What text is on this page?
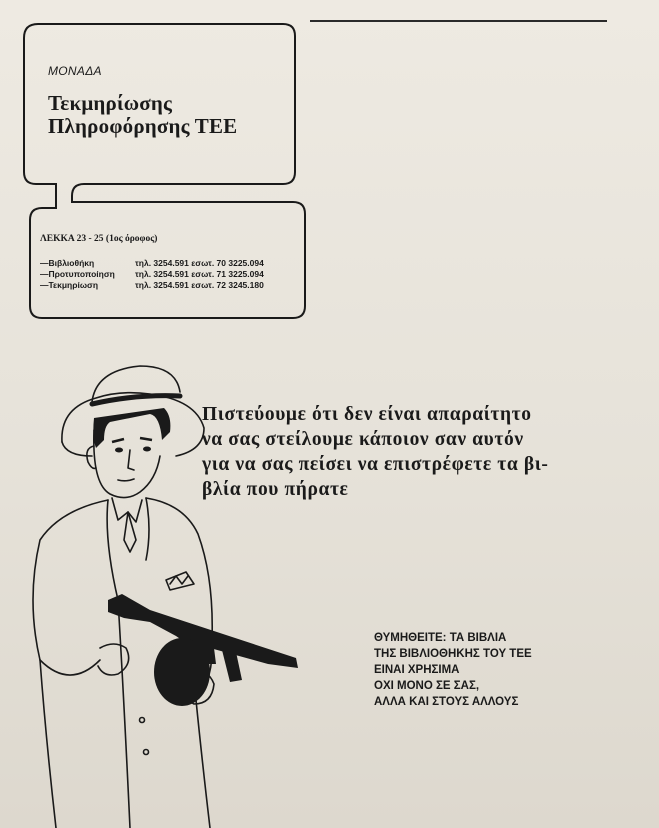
ΜΟΝΑΔΑ
Τεκμηρίωσης
Πληροφόρησης ΤΕΕ
ΛΕΚΚΑ 23 - 25 (1ος όροφος)
—Βιβλιοθήκη	τηλ. 3254.591 εσωτ. 70 3225.094
—Προτυποποίηση	τηλ. 3254.591 εσωτ. 71 3225.094
—Τεκμηρίωση	τηλ. 3254.591 εσωτ. 72 3245.180
Πιστεύουμε ότι δεν είναι απαραίτητο
να σας στείλουμε κάποιον σαν αυτόν
για να σας πείσει να επιστρέφετε τα βι-
βλία που πήρατε
ΘΥΜΗΘΕΙΤΕ: ΤΑ ΒΙΒΛΙΑ
ΤΗΣ ΒΙΒΛΙΟΘΗΚΗΣ ΤΟΥ ΤΕΕ
ΕΙΝΑΙ ΧΡΗΣΙΜΑ
ΟΧΙ ΜΟΝΟ ΣΕ ΣΑΣ,
ΑΛΛΑ ΚΑΙ ΣΤΟΥΣ ΑΛΛΟΥΣ
